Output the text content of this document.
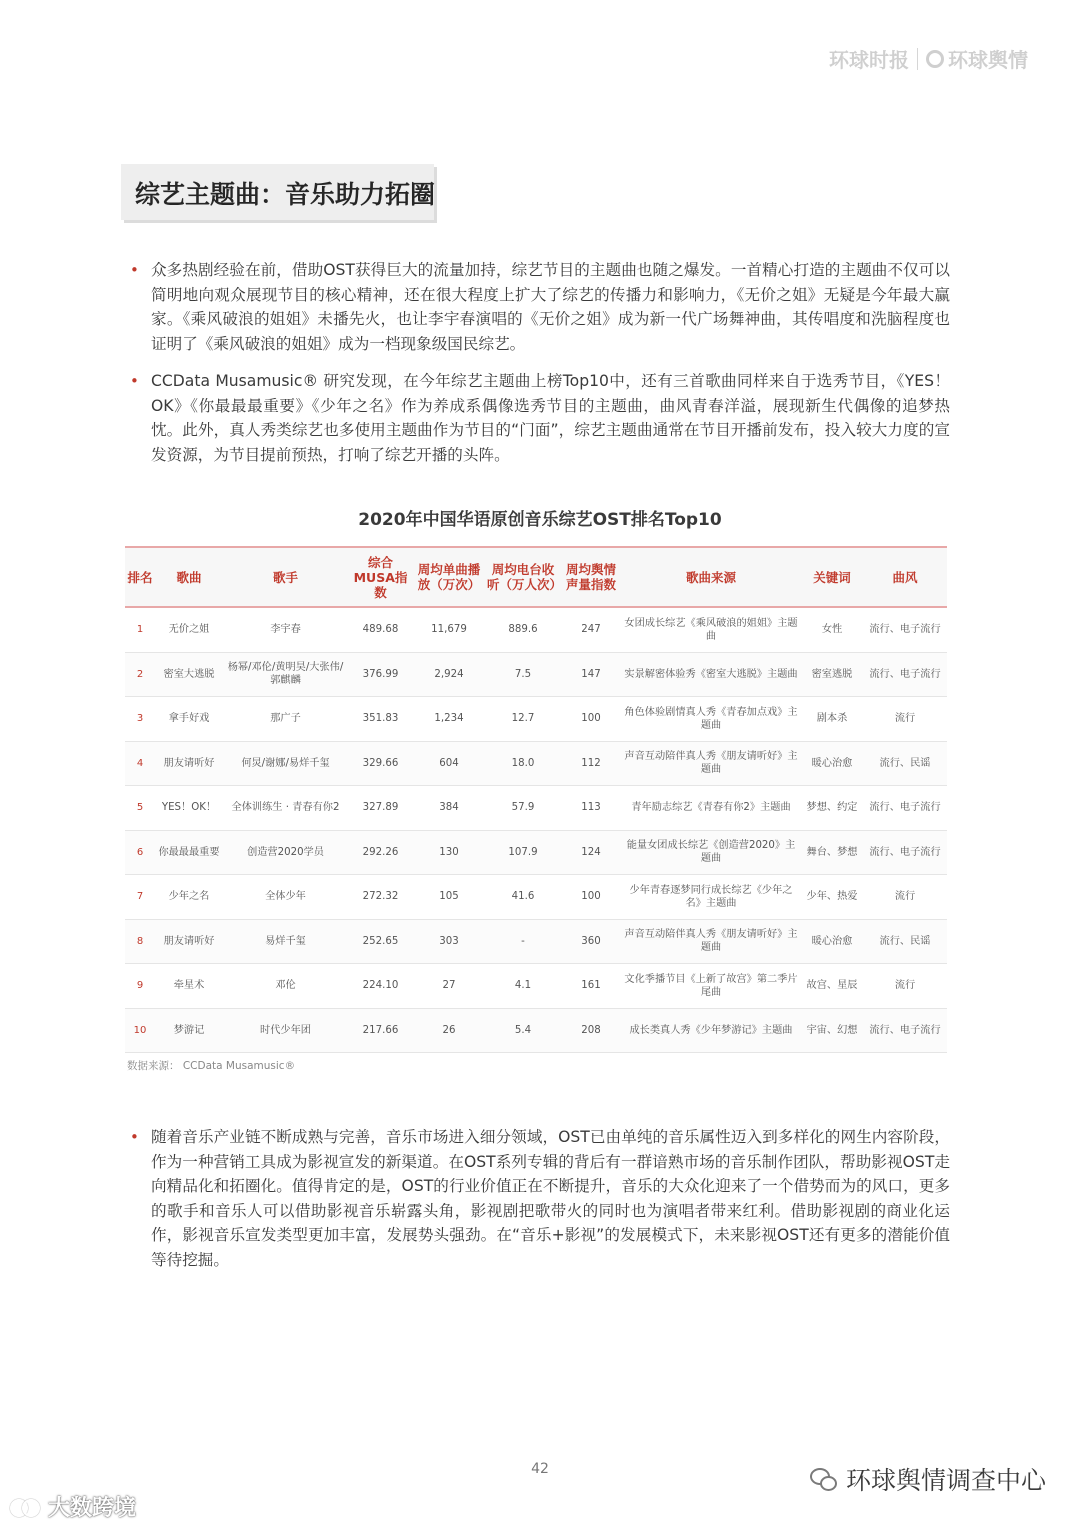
环球时报 环球舆情
综艺主题曲：音乐助力拓圈
• 众多热剧经验在前，借助OST获得巨大的流量加持，综艺节目的主题曲也随之爆发。一首精心打造的主题曲不仅可以简明地向观众展现节目的核心精神，还在很大程度上扩大了综艺的传播力和影响力，《无价之姐》无疑是今年最大赢家。《乘风破浪的姐姐》未播先火，也让李宇春演唱的《无价之姐》成为新一代广场舞神曲，其传唱度和洗脑程度也证明了《乘风破浪的姐姐》成为一档现象级国民综艺。
• CCData Musamusic® 研究发现，在今年综艺主题曲上榜Top10中，还有三首歌曲同样来自于选秀节目，《YES！OK》《你最最最重要》《少年之名》作为养成系偶像选秀节目的主题曲，曲风青春洋溢，展现新生代偶像的追梦热忱。此外，真人秀类综艺也多使用主题曲作为节目的“门面”，综艺主题曲通常在节目开播前发布，投入较大力度的宣发资源，为节目提前预热，打响了综艺开播的头阵。
2020年中国华语原创音乐综艺OST排名Top10
排名	歌曲	歌手	综合MUSA指数	周均单曲播放（万次）	周均电台收听（万人次）	周均舆情声量指数	歌曲来源	关键词	曲风
1	无价之姐	李宇春	489.68	11,679	889.6	247	女团成长综艺《乘风破浪的姐姐》主题曲	女性	流行、电子流行
2	密室大逃脱	杨幂/邓伦/黄明昊/大张伟/郭麒麟	376.99	2,924	7.5	147	实景解密体验秀《密室大逃脱》主题曲	密室逃脱	流行、电子流行
3	拿手好戏	那广子	351.83	1,234	12.7	100	角色体验剧情真人秀《青春加点戏》主题曲	剧本杀	流行
4	朋友请听好	何炅/谢娜/易烊千玺	329.66	604	18.0	112	声音互动陪伴真人秀《朋友请听好》主题曲	暖心治愈	流行、民谣
5	YES！OK！	全体训练生 · 青春有你2	327.89	384	57.9	113	青年励志综艺《青春有你2》主题曲	梦想、约定	流行、电子流行
6	你最最最重要	创造营2020学员	292.26	130	107.9	124	能量女团成长综艺《创造营2020》主题曲	舞台、梦想	流行、电子流行
7	少年之名	全体少年	272.32	105	41.6	100	少年青春逐梦同行成长综艺《少年之名》主题曲	少年、热爱	流行
8	朋友请听好	易烊千玺	252.65	303	-	360	声音互动陪伴真人秀《朋友请听好》主题曲	暖心治愈	流行、民谣
9	牵星术	邓伦	224.10	27	4.1	161	文化季播节目《上新了故宫》第二季片尾曲	故宫、星辰	流行
10	梦游记	时代少年团	217.66	26	5.4	208	成长类真人秀《少年梦游记》主题曲	宇宙、幻想	流行、电子流行
数据来源： CCData Musamusic®
• 随着音乐产业链不断成熟与完善，音乐市场进入细分领域，OST已由单纯的音乐属性迈入到多样化的网生内容阶段，作为一种营销工具成为影视宣发的新渠道。在OST系列专辑的背后有一群谙熟市场的音乐制作团队，帮助影视OST走向精品化和拓圈化。值得肯定的是，OST的行业价值正在不断提升，音乐的大众化迎来了一个借势而为的风口，更多的歌手和音乐人可以借助影视音乐崭露头角，影视剧把歌带火的同时也为演唱者带来红利。借助影视剧的商业化运作，影视音乐宣发类型更加丰富，发展势头强劲。在“音乐+影视”的发展模式下，未来影视OST还有更多的潜能价值等待挖掘。
42	环球舆情调查中心
大数跨境
